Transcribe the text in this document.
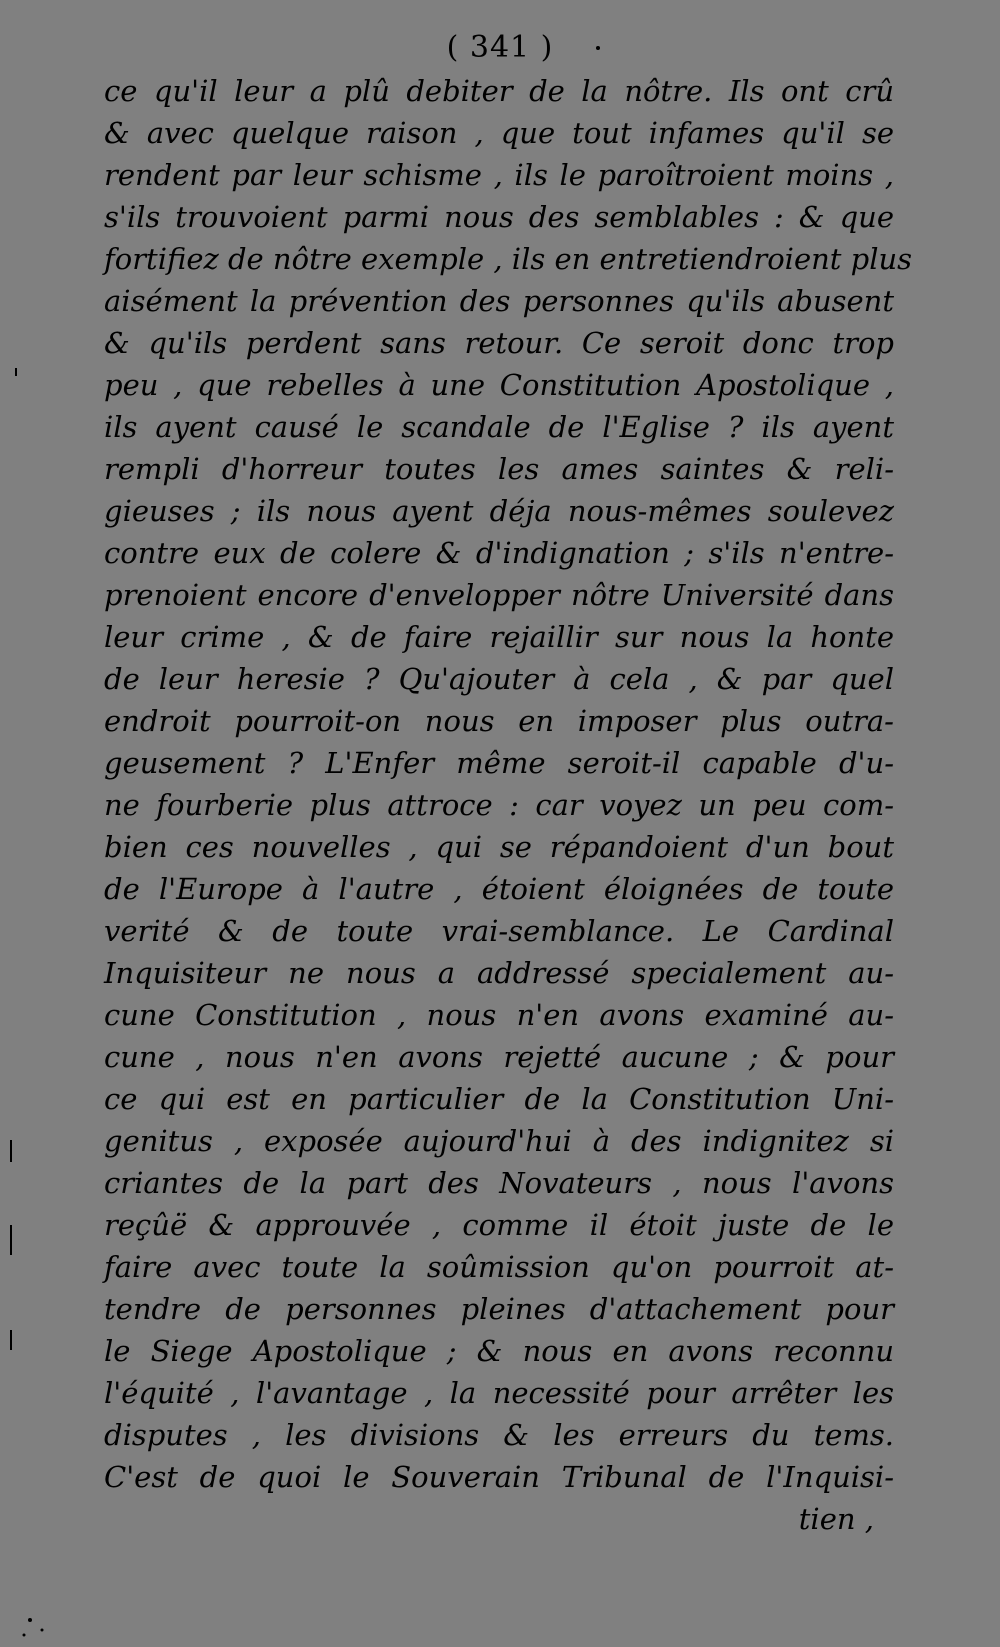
( 341 )
ce qu'il leur a plû debiter de la nôtre. Ils ont crû
& avec quelque raison , que tout infames qu'il se
rendent par leur schisme , ils le paroîtroient moins ,
s'ils trouvoient parmi nous des semblables : & que
fortifiez de nôtre exemple , ils en entretiendroient plus
aisément la prévention des personnes qu'ils abusent
& qu'ils perdent sans retour. Ce seroit donc trop
peu , que rebelles à une Constitution Apostolique ,
ils ayent causé le scandale de l'Eglise ? ils ayent
rempli d'horreur toutes les ames saintes & reli-
gieuses ; ils nous ayent déja nous-mêmes soulevez
contre eux de colere & d'indignation ; s'ils n'entre-
prenoient encore d'envelopper nôtre Université dans
leur crime , & de faire rejaillir sur nous la honte
de leur heresie ? Qu'ajouter à cela , & par quel
endroit pourroit-on nous en imposer plus outra-
geusement ? L'Enfer même seroit-il capable d'u-
ne fourberie plus attroce : car voyez un peu com-
bien ces nouvelles , qui se répandoient d'un bout
de l'Europe à l'autre , étoient éloignées de toute
verité & de toute vrai-semblance. Le Cardinal
Inquisiteur ne nous a addressé specialement au-
cune Constitution , nous n'en avons examiné au-
cune , nous n'en avons rejetté aucune ; & pour
ce qui est en particulier de la Constitution Uni-
genitus , exposée aujourd'hui à des indignitez si
criantes de la part des Novateurs , nous l'avons
reçûë & approuvée , comme il étoit juste de le
faire avec toute la soûmission qu'on pourroit at-
tendre de personnes pleines d'attachement pour
le Siege Apostolique ; & nous en avons reconnu
l'équité , l'avantage , la necessité pour arrêter les
disputes , les divisions & les erreurs du tems.
C'est de quoi le Souverain Tribunal de l'Inquisi-
tien ,
